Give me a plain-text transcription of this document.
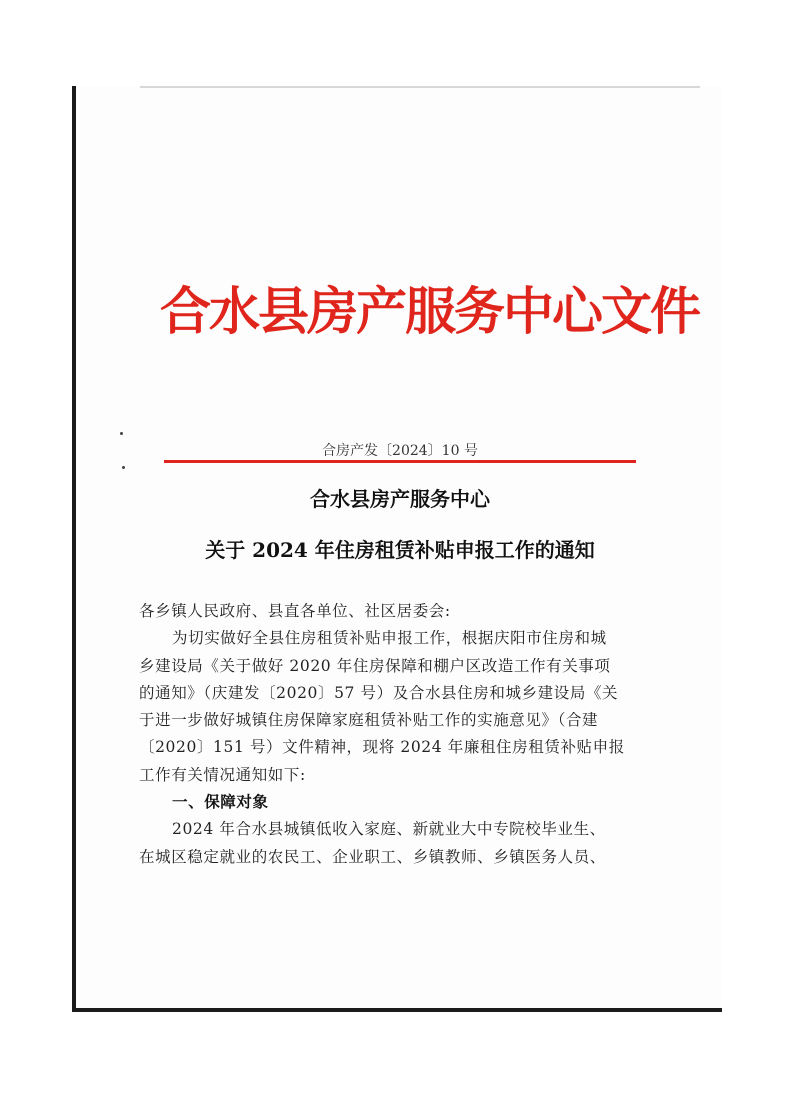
合水县房产服务中心文件
合房产发〔2024〕10 号
合水县房产服务中心
关于 2024 年住房租赁补贴申报工作的通知

各乡镇人民政府、县直各单位、社区居委会:

为切实做好全县住房租赁补贴申报工作，根据庆阳市住房和城

乡建设局《关于做好 2020 年住房保障和棚户区改造工作有关事项

的通知》（庆建发〔2020〕57 号）及合水县住房和城乡建设局《关

于进一步做好城镇住房保障家庭租赁补贴工作的实施意见》（合建

〔2020〕151 号）文件精神，现将 2024 年廉租住房租赁补贴申报

工作有关情况通知如下:

一、保障对象

2024 年合水县城镇低收入家庭、新就业大中专院校毕业生、

在城区稳定就业的农民工、企业职工、乡镇教师、乡镇医务人员、
